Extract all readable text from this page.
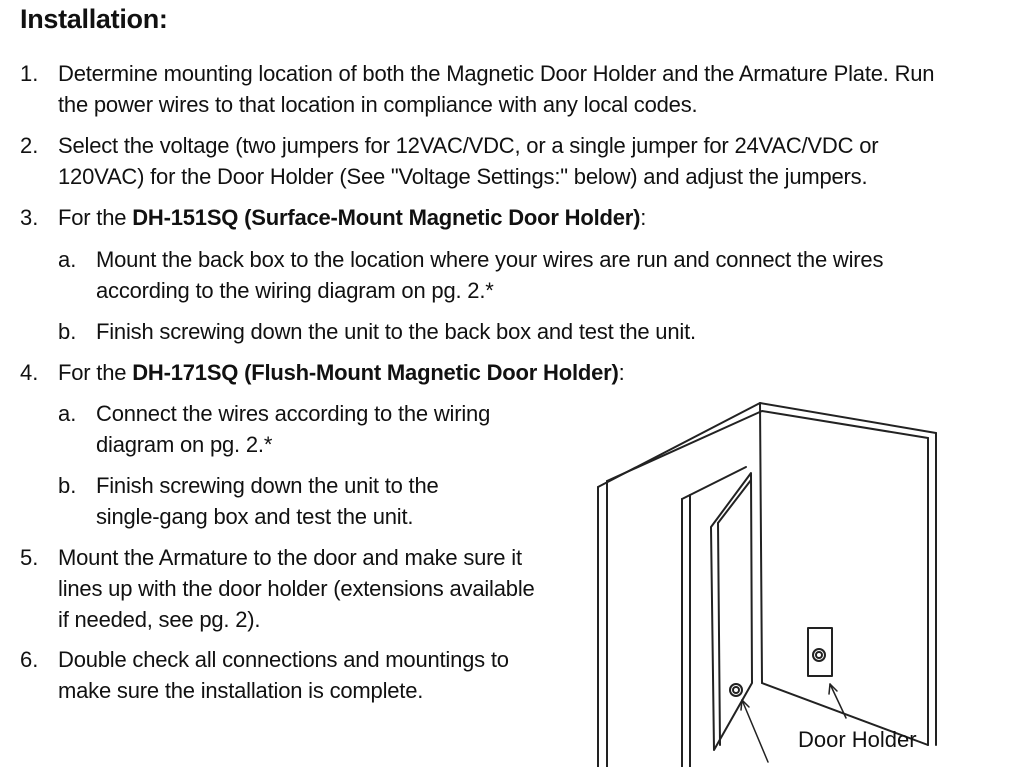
Installation:
1. Determine mounting location of both the Magnetic Door Holder and the Armature Plate. Run
the power wires to that location in compliance with any local codes.
2. Select the voltage (two jumpers for 12VAC/VDC, or a single jumper for 24VAC/VDC or
120VAC) for the Door Holder (See "Voltage Settings:" below) and adjust the jumpers.
3. For the DH-151SQ (Surface-Mount Magnetic Door Holder):
a. Mount the back box to the location where your wires are run and connect the wires
according to the wiring diagram on pg. 2.*
b. Finish screwing down the unit to the back box and test the unit.
4. For the DH-171SQ (Flush-Mount Magnetic Door Holder):
a. Connect the wires according to the wiring
diagram on pg. 2.*
b. Finish screwing down the unit to the
single-gang box and test the unit.
5. Mount the Armature to the door and make sure it
lines up with the door holder (extensions available
if needed, see pg. 2).
6. Double check all connections and mountings to
make sure the installation is complete.
Door Holder
